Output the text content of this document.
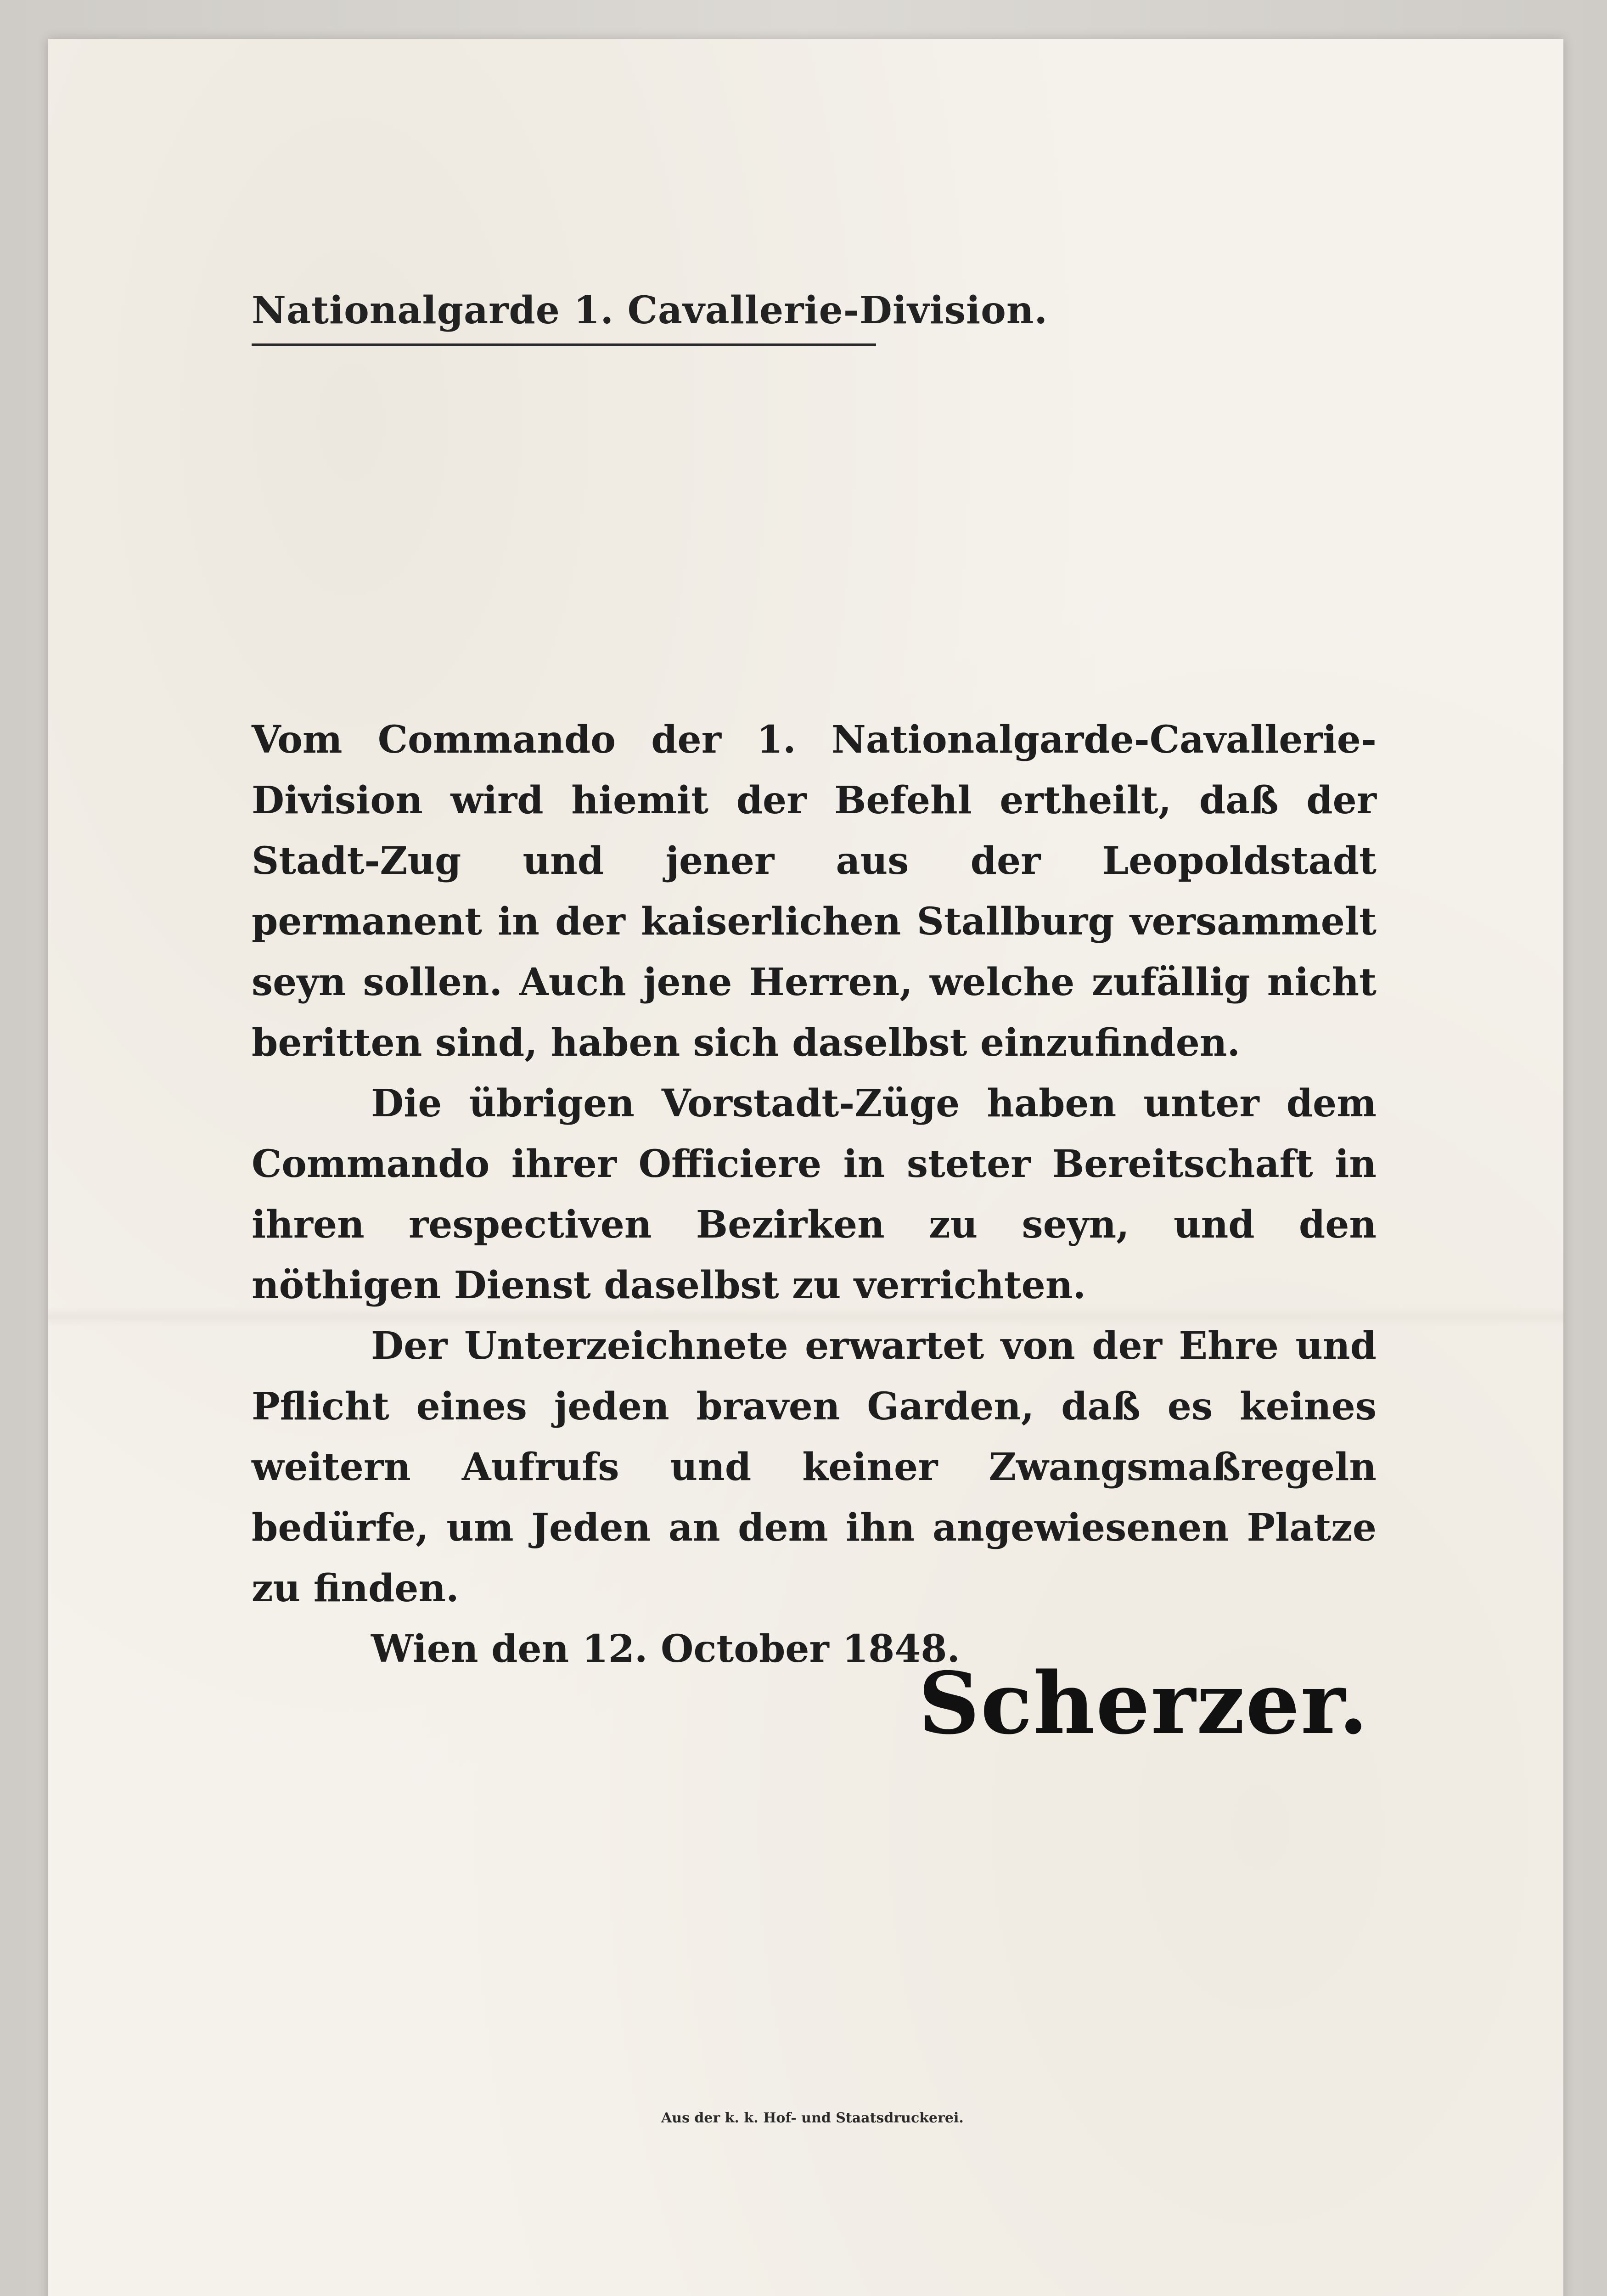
Nationalgarde 1. Cavallerie-Division.

Vom Commando der 1. Nationalgarde-Cavallerie-Division wird hiemit der Befehl ertheilt, daß der Stadt-Zug und jener aus der Leopoldstadt permanent in der kaiserlichen Stallburg versammelt seyn sollen. Auch jene Herren, welche zufällig nicht beritten sind, haben sich daselbst einzufinden.

Die übrigen Vorstadt-Züge haben unter dem Commando ihrer Officiere in steter Bereitschaft in ihren respectiven Bezirken zu seyn, und den nöthigen Dienst daselbst zu verrichten.

Der Unterzeichnete erwartet von der Ehre und Pflicht eines jeden braven Garden, daß es keines weitern Aufrufs und keiner Zwangsmaßregeln bedürfe, um Jeden an dem ihn angewiesenen Platze zu finden.

Wien den 12. October 1848.

Scherzer.
Aus der k. k. Hof- und Staatsdruckerei.
